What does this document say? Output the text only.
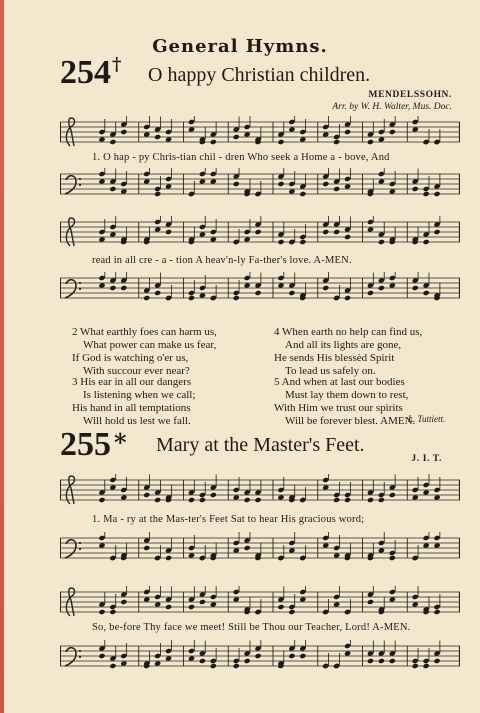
General Hymns.
254 † O happy Christian children.
MENDELSSOHN.
Arr. by W. H. Walter, Mus. Doc.
1. O hap - py Chris-tian chil - dren Who seek a Home a - bove, And
read in all cre - a - tion A heav'n-ly Fa-ther's love. A-MEN.
2 What earthly foes can harm us,
What power can make us fear,
If God is watching o'er us,
With succour ever near?
3 His ear in all our dangers
Is listening when we call;
His hand in all temptations
Will hold us lest we fall.
4 When earth no help can find us,
And all its lights are gone,
He sends His blessèd Spirit
To lead us safely on.
5 And when at last our bodies
Must lay them down to rest,
With Him we trust our spirits
Will be forever blest. AMEN.
L. Tuttiett.
255 * Mary at the Master's Feet.
J. I. T.
1. Ma - ry at the Mas-ter's Feet Sat to hear His gracious word;
So, be-fore Thy face we meet! Still be Thou our Teacher, Lord! A-MEN.
